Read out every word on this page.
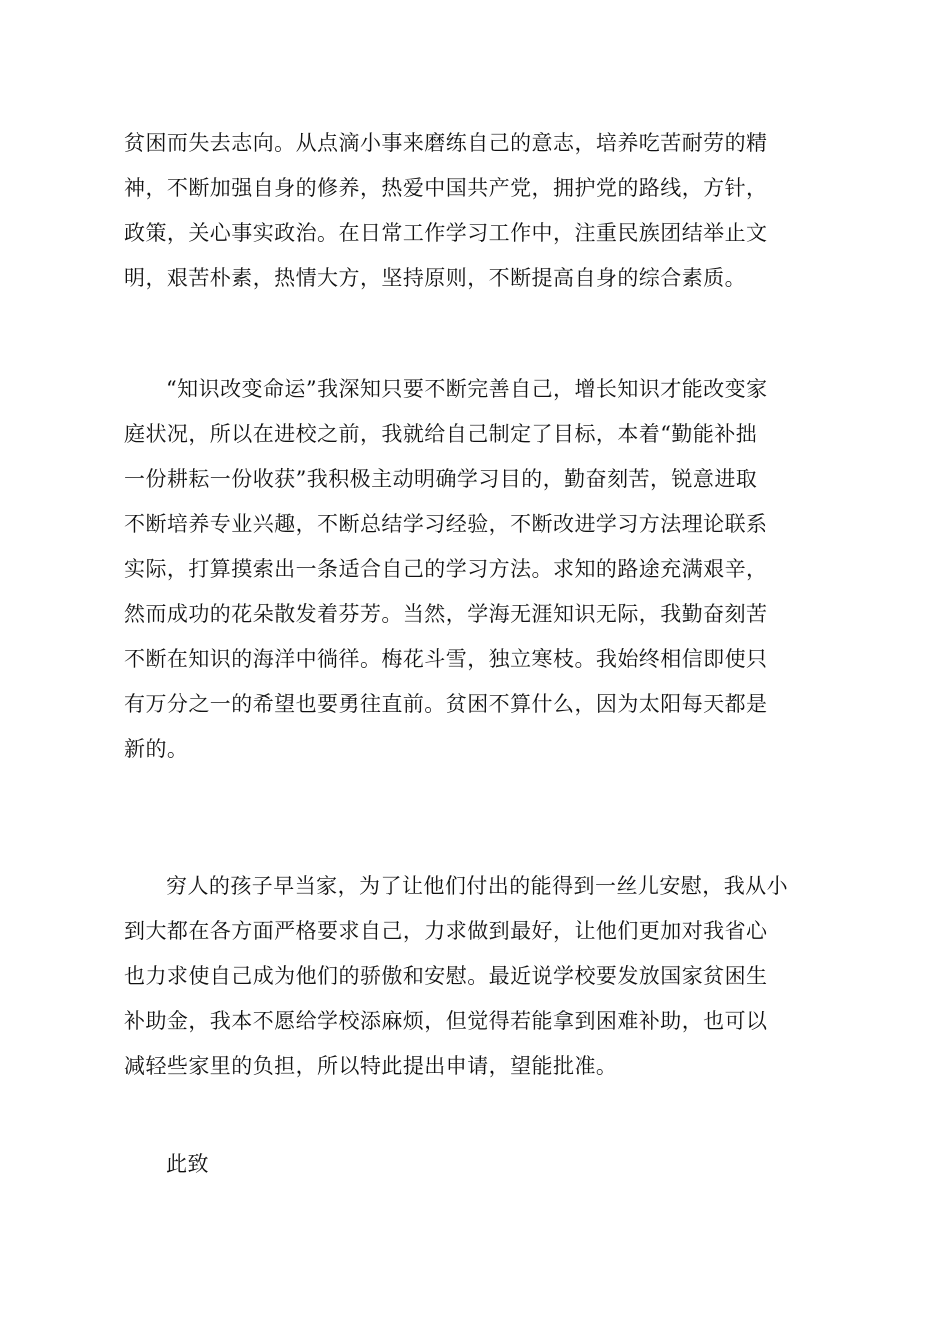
贫困而失去志向。从点滴小事来磨练自己的意志，培养吃苦耐劳的精
神，不断加强自身的修养，热爱中国共产党，拥护党的路线，方针，
政策，关心事实政治。在日常工作学习工作中，注重民族团结举止文
明，艰苦朴素，热情大方，坚持原则，不断提高自身的综合素质。

“知识改变命运”我深知只要不断完善自己，增长知识才能改变家
庭状况，所以在进校之前，我就给自己制定了目标，本着“勤能补拙
一份耕耘一份收获”我积极主动明确学习目的，勤奋刻苦，锐意进取
不断培养专业兴趣，不断总结学习经验，不断改进学习方法理论联系
实际，打算摸索出一条适合自己的学习方法。求知的路途充满艰辛，
然而成功的花朵散发着芬芳。当然，学海无涯知识无际，我勤奋刻苦
不断在知识的海洋中徜徉。梅花斗雪，独立寒枝。我始终相信即使只
有万分之一的希望也要勇往直前。贫困不算什么，因为太阳每天都是
新的。

穷人的孩子早当家，为了让他们付出的能得到一丝儿安慰，我从小
到大都在各方面严格要求自己，力求做到最好，让他们更加对我省心
也力求使自己成为他们的骄傲和安慰。最近说学校要发放国家贫困生
补助金，我本不愿给学校添麻烦，但觉得若能拿到困难补助，也可以
减轻些家里的负担，所以特此提出申请，望能批准。

此致
